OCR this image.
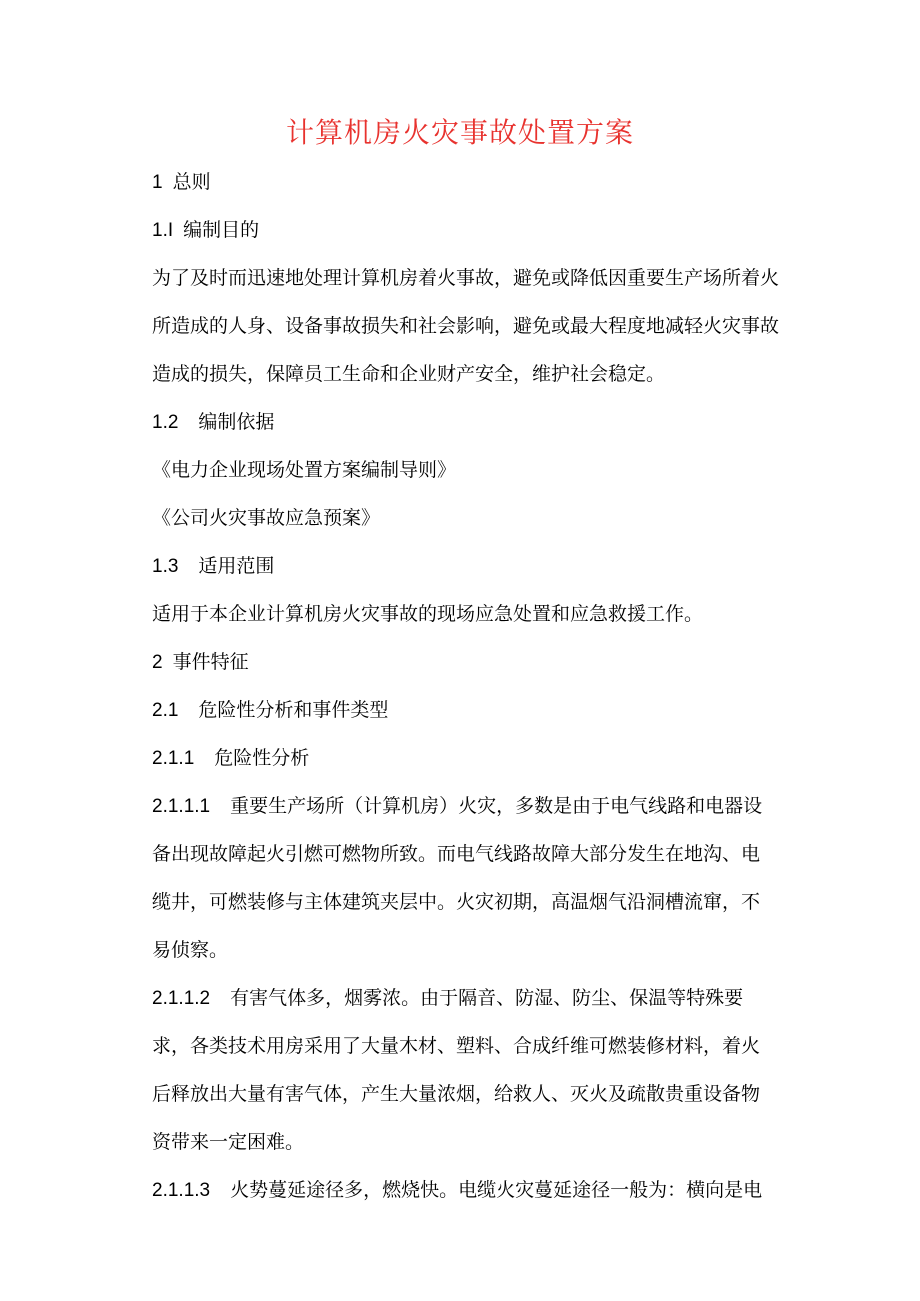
计算机房火灾事故处置方案
1 总则
1.I 编制目的
为了及时而迅速地处理计算机房着火事故，避免或降低因重要生产场所着火
所造成的人身、设备事故损失和社会影响，避免或最大程度地减轻火灾事故
造成的损失，保障员工生命和企业财产安全，维护社会稳定。
1.2 编制依据
《电力企业现场处置方案编制导则》
《公司火灾事故应急预案》
1.3 适用范围
适用于本企业计算机房火灾事故的现场应急处置和应急救援工作。
2 事件特征
2.1 危险性分析和事件类型
2.1.1 危险性分析
2.1.1.1 重要生产场所（计算机房）火灾，多数是由于电气线路和电器设
备出现故障起火引燃可燃物所致。而电气线路故障大部分发生在地沟、电
缆井，可燃装修与主体建筑夹层中。火灾初期，高温烟气沿洞槽流窜，不
易侦察。
2.1.1.2 有害气体多，烟雾浓。由于隔音、防湿、防尘、保温等特殊要
求，各类技术用房采用了大量木材、塑料、合成纤维可燃装修材料，着火
后释放出大量有害气体，产生大量浓烟，给救人、灭火及疏散贵重设备物
资带来一定困难。
2.1.1.3 火势蔓延途径多，燃烧快。电缆火灾蔓延途径一般为：横向是电
